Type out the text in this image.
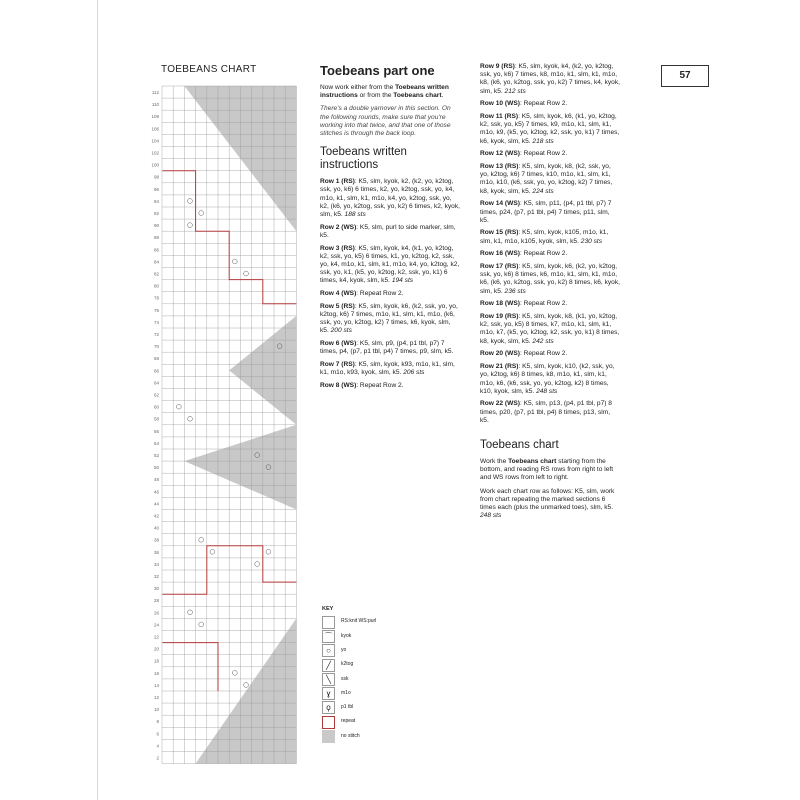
TOEBEANS CHART
112
110
108
106
104
102
100
98
96
94
92
90
88
86
84
82
80
78
76
74
72
70
68
66
64
62
60
58
56
54
52
50
48
46
44
42
40
38
36
34
32
30
28
26
24
22
20
18
16
14
12
10
8
6
4
2
57
Toebeans part one
Now work either from the Toebeans written instructions or from the Toebeans chart.
There's a double yarnover in this section. On the following rounds, make sure that you're working into that twice, and that one of those stitches is through the back loop.
Toebeans written instructions
Row 1 (RS): K5, slm, kyok, k2, (k2, yo, k2tog, ssk, yo, k6) 6 times, k2, yo, k2tog, ssk, yo, k4, m1o, k1, slm, k1, m1o, k4, yo, k2tog, ssk, yo, k2, (k6, yo, k2tog, ssk, yo, k2) 6 times, k2, kyok, slm, k5. 188 sts
Row 2 (WS): K5, slm, purl to side marker, slm, k5.
Row 3 (RS): K5, slm, kyok, k4, (k1, yo, k2tog, k2, ssk, yo, k5) 6 times, k1, yo, k2tog, k2, ssk, yo, k4, m1o, k1, slm, k1, m1o, k4, yo, k2tog, k2, ssk, yo, k1, (k5, yo, k2tog, k2, ssk, yo, k1) 6 times, k4, kyok, slm, k5. 194 sts
Row 4 (WS): Repeat Row 2.
Row 5 (RS): K5, slm, kyok, k6, (k2, ssk, yo, yo, k2tog, k6) 7 times, m1o, k1, slm, k1, m1o, (k6, ssk, yo, yo, k2tog, k2) 7 times, k6, kyok, slm, k5. 200 sts
Row 6 (WS): K5, slm, p9, (p4, p1 tbl, p7) 7 times, p4, (p7, p1 tbl, p4) 7 times, p9, slm, k5.
Row 7 (RS): K5, slm, kyok, k93, m1o, k1, slm, k1, m1o, k93, kyok, slm, k5. 206 sts
Row 8 (WS): Repeat Row 2.
Row 9 (RS): K5, slm, kyok, k4, (k2, yo, k2tog, ssk, yo, k6) 7 times, k8, m1o, k1, slm, k1, m1o, k8, (k6, yo, k2tog, ssk, yo, k2) 7 times, k4, kyok, slm, k5. 212 sts
Row 10 (WS): Repeat Row 2.
Row 11 (RS): K5, slm, kyok, k6, (k1, yo, k2tog, k2, ssk, yo, k5) 7 times, k9, m1o, k1, slm, k1, m1o, k9, (k5, yo, k2tog, k2, ssk, yo, k1) 7 times, k6, kyok, slm, k5. 218 sts
Row 12 (WS): Repeat Row 2.
Row 13 (RS): K5, slm, kyok, k8, (k2, ssk, yo, yo, k2tog, k6) 7 times, k10, m1o, k1, slm, k1, m1o, k10, (k6, ssk, yo, yo, k2tog, k2) 7 times, k8, kyok, slm, k5. 224 sts
Row 14 (WS): K5, slm, p11, (p4, p1 tbl, p7) 7 times, p24, (p7, p1 tbl, p4) 7 times, p11, slm, k5.
Row 15 (RS): K5, slm, kyok, k105, m1o, k1, slm, k1, m1o, k105, kyok, slm, k5. 230 sts
Row 16 (WS): Repeat Row 2.
Row 17 (RS): K5, slm, kyok, k6, (k2, yo, k2tog, ssk, yo, k6) 8 times, k6, m1o, k1, slm, k1, m1o, k6, (k6, yo, k2tog, ssk, yo, k2) 8 times, k6, kyok, slm, k5. 236 sts
Row 18 (WS): Repeat Row 2.
Row 19 (RS): K5, slm, kyok, k8, (k1, yo, k2tog, k2, ssk, yo, k5) 8 times, k7, m1o, k1, slm, k1, m1o, k7, (k5, yo, k2tog, k2, ssk, yo, k1) 8 times, k8, kyok, slm, k5. 242 sts
Row 20 (WS): Repeat Row 2.
Row 21 (RS): K5, slm, kyok, k10, (k2, ssk, yo, yo, k2tog, k6) 8 times, k8, m1o, k1, slm, k1, m1o, k6, (k6, ssk, yo, yo, k2tog, k2) 8 times, k10, kyok, slm, k5. 248 sts
Row 22 (WS): K5, slm, p13, (p4, p1 tbl, p7) 8 times, p20, (p7, p1 tbl, p4) 8 times, p13, slm, k5.
Toebeans chart
Work the Toebeans chart starting from the bottom, and reading RS rows from right to left and WS rows from left to right.
Work each chart row as follows: K5, slm, work from chart repeating the marked sections 6 times each (plus the unmarked toes), slm, k5. 248 sts
KEY
RS:knit WS:purl
⌒	kyok
○	yo
╱	k2tog
╲	ssk
ɣ	m1o
ϙ	p1 tbl
repeat
no stitch
